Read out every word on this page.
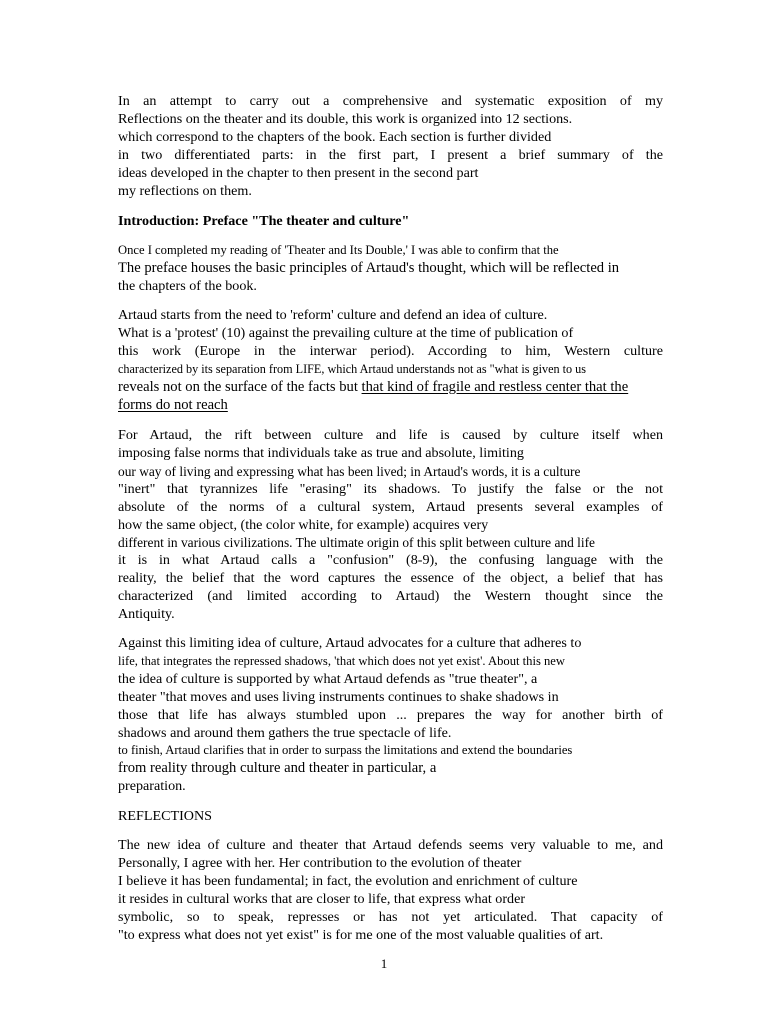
In an attempt to carry out a comprehensive and systematic exposition of my
Reflections on the theater and its double, this work is organized into 12 sections.
which correspond to the chapters of the book. Each section is further divided
in two differentiated parts: in the first part, I present a brief summary of the
ideas developed in the chapter to then present in the second part
my reflections on them.
Introduction: Preface "The theater and culture"
Once I completed my reading of 'Theater and Its Double,' I was able to confirm that the
The preface houses the basic principles of Artaud's thought, which will be reflected in
the chapters of the book.
Artaud starts from the need to 'reform' culture and defend an idea of culture.
What is a 'protest' (10) against the prevailing culture at the time of publication of
this work (Europe in the interwar period). According to him, Western culture
characterized by its separation from LIFE, which Artaud understands not as "what is given to us
reveals not on the surface of the facts but that kind of fragile and restless center that the
forms do not reach
For Artaud, the rift between culture and life is caused by culture itself when
imposing false norms that individuals take as true and absolute, limiting
our way of living and expressing what has been lived; in Artaud's words, it is a culture
"inert" that tyrannizes life "erasing" its shadows. To justify the false or the not
absolute of the norms of a cultural system, Artaud presents several examples of
how the same object, (the color white, for example) acquires very
different in various civilizations. The ultimate origin of this split between culture and life
it is in what Artaud calls a "confusion" (8-9), the confusing language with the
reality, the belief that the word captures the essence of the object, a belief that has
characterized (and limited according to Artaud) the Western thought since the
Antiquity.
Against this limiting idea of culture, Artaud advocates for a culture that adheres to
life, that integrates the repressed shadows, 'that which does not yet exist'. About this new
the idea of culture is supported by what Artaud defends as "true theater", a
theater "that moves and uses living instruments continues to shake shadows in
those that life has always stumbled upon ... prepares the way for another birth of
shadows and around them gathers the true spectacle of life.
to finish, Artaud clarifies that in order to surpass the limitations and extend the boundaries
from reality through culture and theater in particular, a
preparation.
REFLECTIONS
The new idea of culture and theater that Artaud defends seems very valuable to me, and
Personally, I agree with her. Her contribution to the evolution of theater
I believe it has been fundamental; in fact, the evolution and enrichment of culture
it resides in cultural works that are closer to life, that express what order
symbolic, so to speak, represses or has not yet articulated. That capacity of
"to express what does not yet exist" is for me one of the most valuable qualities of art.
1
